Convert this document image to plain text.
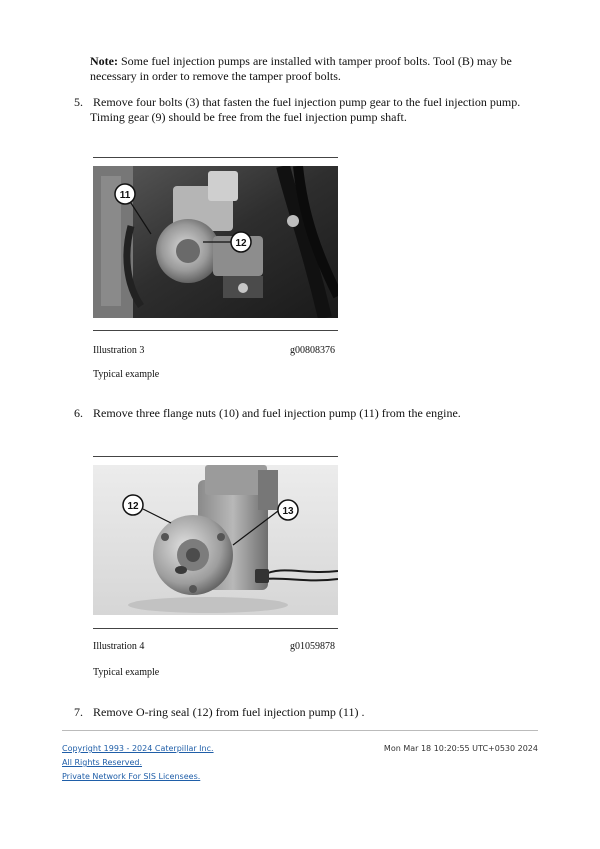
Note: Some fuel injection pumps are installed with tamper proof bolts. Tool (B) may be necessary in order to remove the tamper proof bolts.
5. Remove four bolts (3) that fasten the fuel injection pump gear to the fuel injection pump.
Timing gear (9) should be free from the fuel injection pump shaft.
11
12
Illustration 3	g00808376
Typical example
6. Remove three flange nuts (10) and fuel injection pump (11) from the engine.
12	13
Illustration 4	g01059878
Typical example
7. Remove O-ring seal (12) from fuel injection pump (11) .
Copyright 1993 - 2024 Caterpillar Inc.
All Rights Reserved.
Private Network For SIS Licensees.
Mon Mar 18 10:20:55 UTC+0530 2024
